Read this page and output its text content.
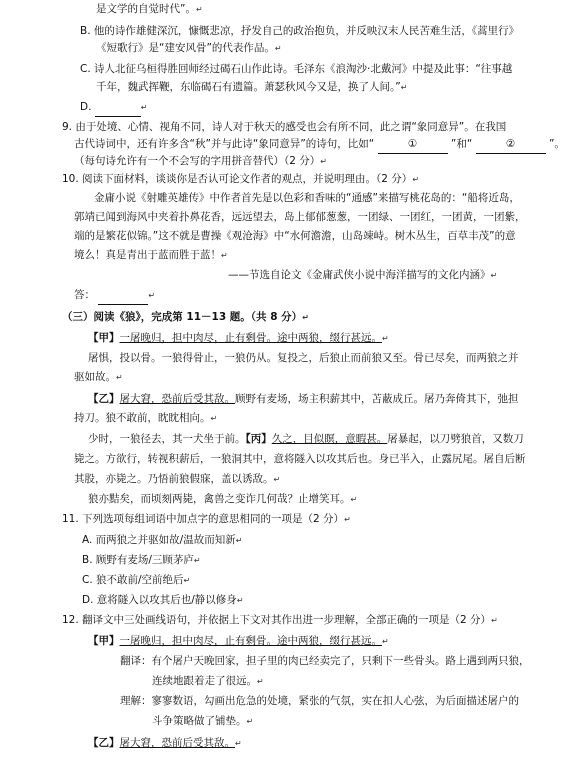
是文学的自觉时代”。↵
B. 他的诗作雄健深沉，慷慨悲凉，抒发自己的政治抱负，并反映汉末人民苦难生活，《蒿里行》
《短歌行》是“建安风骨”的代表作品。↵
C. 诗人北征乌桓得胜回师经过碣石山作此诗。毛泽东《浪淘沙·北戴河》中提及此事：“往事越
千年，魏武挥鞭，东临碣石有遗篇。萧瑟秋风今又是，换了人间。”↵
D.	↵
9. 由于处境、心情、视角不同，诗人对于秋天的感受也会有所不同，此之谓“象同意异”。在我国
古代诗词中，还有许多含“秋”并与此诗“象同意异”的诗句，比如“	①	”和“	②	”。
（每句诗允许有一个不会写的字用拼音替代）（2 分）↵
10. 阅读下面材料，谈谈你是否认可论文作者的观点，并说明理由。（2 分）↵
金庸小说《射雕英雄传》中作者首先是以色彩和香味的“通感”来描写桃花岛的：“船将近岛，
郭靖已闻到海风中夹着扑鼻花香，远远望去，岛上郁郁葱葱，一团绿、一团红，一团黄，一团紫，
端的是繁花似锦。”这不就是曹操《观沧海》中“水何澹澹，山岛竦峙。树木丛生，百草丰茂”的意
境么！真是青出于蓝而胜于蓝！↵
——节选自论文《金庸武侠小说中海洋描写的文化内涵》↵
答：	↵
（三）阅读《狼》，完成第 11－13 题。（共 8 分）↵
【甲】一屠晚归，担中肉尽，止有剩骨。途中两狼，缀行甚远。↵
屠惧，投以骨。一狼得骨止，一狼仍从。复投之，后狼止而前狼又至。骨已尽矣，而两狼之并
驱如故。↵
【乙】屠大窘，恐前后受其敌。顾野有麦场，场主积薪其中，苫蔽成丘。屠乃奔倚其下，弛担
持刀。狼不敢前，眈眈相向。↵
少时，一狼径去，其一犬坐于前。【丙】久之，目似瞑，意暇甚。屠暴起，以刀劈狼首，又数刀
毙之。方欲行，转视积薪后，一狼洞其中，意将隧入以攻其后也。身已半入，止露尻尾。屠自后断
其股，亦毙之。乃悟前狼假寐，盖以诱敌。↵
狼亦黠矣，而顷刻两毙，禽兽之变诈几何哉？止增笑耳。↵
11. 下列选项每组词语中加点字的意思相同的一项是（2 分）↵
A. 而两狼之并驱如故/温故而知新↵
B. 顾野有麦场/三顾茅庐↵
C. 狼不敢前/空前绝后↵
D. 意将隧入以攻其后也/静以修身↵
12. 翻译文中三处画线语句，并依据上下文对其作出进一步理解，全部正确的一项是（2 分）↵
【甲】一屠晚归，担中肉尽，止有剩骨。途中两狼，缀行甚远。↵
翻译：有个屠户天晚回家，担子里的肉已经卖完了，只剩下一些骨头。路上遇到两只狼，
连续地跟着走了很远。↵
理解：寥寥数语，勾画出危急的处境，紧张的气氛，实在扣人心弦，为后面描述屠户的
斗争策略做了铺垫。↵
【乙】屠大窘，恐前后受其敌。↵
